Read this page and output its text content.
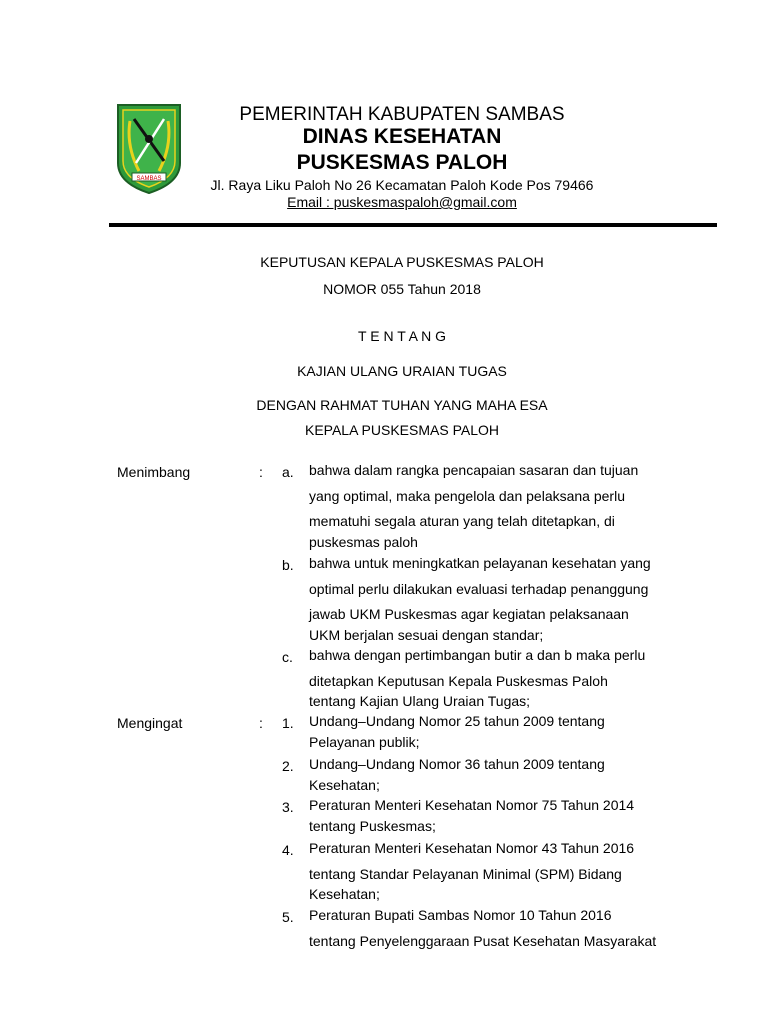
SAMBAS
PEMERINTAH KABUPATEN SAMBAS
DINAS KESEHATAN
PUSKESMAS PALOH
Jl. Raya Liku Paloh No 26 Kecamatan Paloh Kode Pos 79466
Email : puskesmaspaloh@gmail.com
KEPUTUSAN KEPALA PUSKESMAS PALOH
NOMOR 055 Tahun 2018
T E N T A N G
KAJIAN ULANG URAIAN TUGAS
DENGAN RAHMAT TUHAN YANG MAHA ESA
KEPALA PUSKESMAS PALOH
Menimbang	: a. bahwa dalam rangka pencapaian sasaran dan tujuan

yang optimal, maka pengelola dan pelaksana perlu

mematuhi segala aturan yang telah ditetapkan, di

puskesmas paloh

b. bahwa untuk meningkatkan pelayanan kesehatan yang

optimal perlu dilakukan evaluasi terhadap penanggung

jawab UKM Puskesmas agar kegiatan pelaksanaan

UKM berjalan sesuai dengan standar;

c. bahwa dengan pertimbangan butir a dan b maka perlu

ditetapkan Keputusan Kepala Puskesmas Paloh

tentang Kajian Ulang Uraian Tugas;

Mengingat	: 1. Undang–Undang Nomor 25 tahun 2009 tentang

Pelayanan publik;

2. Undang–Undang Nomor 36 tahun 2009 tentang

Kesehatan;

3. Peraturan Menteri Kesehatan Nomor 75 Tahun 2014

tentang Puskesmas;

4. Peraturan Menteri Kesehatan Nomor 43 Tahun 2016

tentang Standar Pelayanan Minimal (SPM) Bidang

Kesehatan;

5. Peraturan Bupati Sambas Nomor 10 Tahun 2016

tentang Penyelenggaraan Pusat Kesehatan Masyarakat
